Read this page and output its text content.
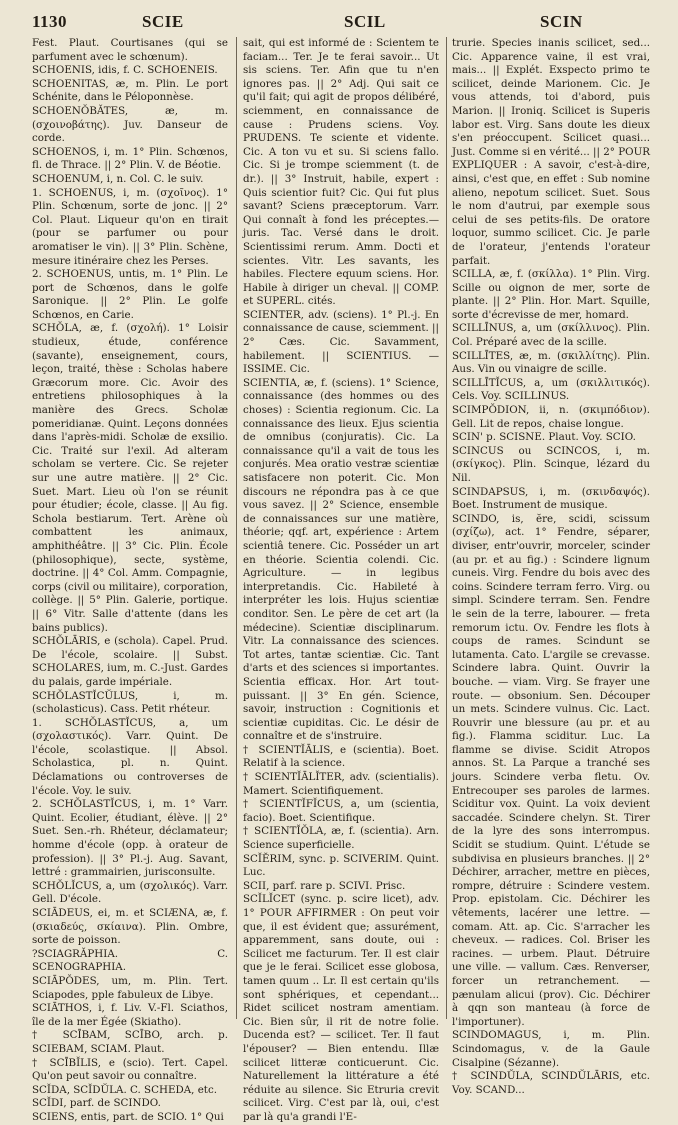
1130	SCIE	SCIL	SCIN

Fest. Plaut. Courtisanes (qui se parfument avec le schœnum).

SCHOENIS, idis, f. C. SCHOENEIS.

SCHOENITAS, æ, m. Plin. Le port Schénite, dans le Péloponnèse.

SCHOENŎBĂTES, æ, m. (σχοινοβάτης). Juv. Danseur de corde.

SCHOENOS, i, m. 1° Plin. Schœnos, fl. de Thrace. || 2° Plin. V. de Béotie.

SCHOENUM, i, n. Col. C. le suiv.

1. SCHOENUS, i, m. (σχοῖνος). 1° Plin. Schœnum, sorte de jonc. || 2° Col. Plaut. Liqueur qu'on en tirait (pour se parfumer ou pour aromatiser le vin). || 3° Plin. Schène, mesure itinéraire chez les Perses.

2. SCHOENUS, untis, m. 1° Plin. Le port de Schœnos, dans le golfe Saronique. || 2° Plin. Le golfe Schœnos, en Carie.

SCHŎLA, æ, f. (σχολή). 1° Loisir studieux, étude, conférence (savante), enseignement, cours, leçon, traité, thèse : Scholas habere Græcorum more. Cic. Avoir des entretiens philosophiques à la manière des Grecs. Scholæ pomeridianæ. Quint. Leçons données dans l'après-midi. Scholæ de exsilio. Cic. Traité sur l'exil. Ad alteram scholam se vertere. Cic. Se rejeter sur une autre matière. || 2° Cic. Suet. Mart. Lieu où l'on se réunit pour étudier; école, classe. || Au fig. Schola bestiarum. Tert. Arène où combattent les animaux, amphithéâtre. || 3° Cic. Plin. École (philosophique), secte, système, doctrine. || 4° Col. Amm. Compagnie, corps (civil ou militaire), corporation, collège. || 5° Plin. Galerie, portique. || 6° Vitr. Salle d'attente (dans les bains publics).

SCHŎLĀRIS, e (schola). Capel. Prud. De l'école, scolaire. || Subst. SCHOLARES, ium, m. C.-Just. Gardes du palais, garde impériale.

SCHŎLASTĬCŬLUS, i, m. (scholasticus). Cass. Petit rhéteur.

1. SCHŎLASTĬCUS, a, um (σχολαστικός). Varr. Quint. De l'école, scolastique. || Absol. Scholastica, pl. n. Quint. Déclamations ou controverses de l'école. Voy. le suiv.

2. SCHŎLASTĬCUS, i, m. 1° Varr. Quint. Ecolier, étudiant, élève. || 2° Suet. Sen.-rh. Rhéteur, déclamateur; homme d'école (opp. à orateur de profession). || 3° Pl.-j. Aug. Savant, lettré : grammairien, jurisconsulte.

SCHŎLĬCUS, a, um (σχολικός). Varr. Gell. D'école.

SCIĀDEUS, ei, m. et SCIÆNA, æ, f. (σκιαδεύς, σκίαινα). Plin. Ombre, sorte de poisson.

?SCIAGRĂPHIA. C. SCENOGRAPHIA.

SCIĀPŎDES, um, m. Plin. Tert. Sciapodes, pple fabuleux de Libye.

SCIĀTHOS, i, f. Liv. V.-Fl. Sciathos, île de la mer Égée (Skiatho).

† SCĪBAM, SCĪBO, arch. p. SCIEBAM, SCIAM. Plaut.

† SCĪBĬLIS, e (scio). Tert. Capel. Qu'on peut savoir ou connaître.

SCĬDA, SCĬDŬLA. C. SCHEDA, etc.

SCĬDI, parf. de SCINDO.

SCIENS, entis, part. de SCIO. 1° Qui

sait, qui est informé de : Scientem te faciam... Ter. Je te ferai savoir... Ut sis sciens. Ter. Afin que tu n'en ignores pas. || 2° Adj. Qui sait ce qu'il fait; qui agit de propos délibéré, sciemment, en connaissance de cause : Prudens sciens. Voy. PRUDENS. Te sciente et vidente. Cic. A ton vu et su. Si sciens fallo. Cic. Si je trompe sciemment (t. de dr.). || 3° Instruit, habile, expert : Quis scientior fuit? Cic. Qui fut plus savant? Sciens præceptorum. Varr. Qui connaît à fond les préceptes.— juris. Tac. Versé dans le droit. Scientissimi rerum. Amm. Docti et scientes. Vitr. Les savants, les habiles. Flectere equum sciens. Hor. Habile à diriger un cheval. || COMP. et SUPERL. cités.

SCIENTER, adv. (sciens). 1° Pl.-j. En connaissance de cause, sciemment. || 2° Cæs. Cic. Savamment, habilement. || SCIENTIUS. — ISSIME. Cic.

SCIENTIA, æ, f. (sciens). 1° Science, connaissance (des hommes ou des choses) : Scientia regionum. Cic. La connaissance des lieux. Ejus scientia de omnibus (conjuratis). Cic. La connaissance qu'il a vait de tous les conjurés. Mea oratio vestræ scientiæ satisfacere non poterit. Cic. Mon discours ne répondra pas à ce que vous savez. || 2° Science, ensemble de connaissances sur une matière, théorie; qqf. art, expérience : Artem scientiâ tenere. Cic. Posséder un art en théorie. Scientia colendi. Cic. Agriculture. — in legibus interpretandis. Cic. Habileté à interpréter les lois. Hujus scientiæ conditor. Sen. Le père de cet art (la médecine). Scientiæ disciplinarum. Vitr. La connaissance des sciences. Tot artes, tantæ scientiæ. Cic. Tant d'arts et des sciences si importantes. Scientia efficax. Hor. Art tout-puissant. || 3° En gén. Science, savoir, instruction : Cognitionis et scientiæ cupiditas. Cic. Le désir de connaître et de s'instruire.

† SCIENTĬĀLIS, e (scientia). Boet. Relatif à la science.

† SCIENTĬĀLĬTER, adv. (scientialis). Mamert. Scientifiquement.

† SCIENTĬFĬCUS, a, um (scientia, facio). Boet. Scientifique.

† SCIENTĬŎLA, æ, f. (scientia). Arn. Science superficielle.

SCĬĔRIM, sync. p. SCIVERIM. Quint. Luc.

SCII, parf. rare p. SCIVI. Prisc.

SCĬLĬCET (sync. p. scire licet), adv. 1° POUR AFFIRMER : On peut voir que, il est évident que; assurément, apparemment, sans doute, oui : Scilicet me facturum. Ter. Il est clair que je le ferai. Scilicet esse globosa, tamen quum .. Lr. Il est certain qu'ils sont sphériques, et cependant... Ridet scilicet nostram amentiam. Cic. Bien sûr, il rit de notre folie. Ducenda est? — scilicet. Ter. Il faut l'épouser? — Bien entendu. Illæ scilicet litteræ conticuerunt. Cic. Naturellement la littérature a été réduite au silence. Sic Etruria crevit scilicet. Virg. C'est par là, oui, c'est par là qu'a grandi l'E-

trurie. Species inanis scilicet, sed... Cic. Apparence vaine, il est vrai, mais... || Explét. Exspecto primo te scilicet, deinde Marionem. Cic. Je vous attends, toi d'abord, puis Marion. || Ironiq. Scilicet is Superis labor est. Virg. Sans doute les dieux s'en préoccupent. Scilicet quasi... Just. Comme si en vérité... || 2° POUR EXPLIQUER : A savoir, c'est-à-dire, ainsi, c'est que, en effet : Sub nomine alieno, nepotum scilicet. Suet. Sous le nom d'autrui, par exemple sous celui de ses petits-fils. De oratore loquor, summo scilicet. Cic. Je parle de l'orateur, j'entends l'orateur parfait.

SCILLA, æ, f. (σκίλλα). 1° Plin. Virg. Scille ou oignon de mer, sorte de plante. || 2° Plin. Hor. Mart. Squille, sorte d'écrevisse de mer, homard.

SCILLĪNUS, a, um (σκίλλινος). Plin. Col. Préparé avec de la scille.

SCILLĪTES, æ, m. (σκιλλίτης). Plin. Aus. Vin ou vinaigre de scille.

SCILLĪTĬCUS, a, um (σκιλλιτικός). Cels. Voy. SCILLINUS.

SCIMPŎDION, ii, n. (σκιμπόδιον). Gell. Lit de repos, chaise longue.

SCIN' p. SCISNE. Plaut. Voy. SCIO.

SCINCUS ou SCINCOS, i, m. (σκίγκος). Plin. Scinque, lézard du Nil.

SCINDAPSUS, i, m. (σκινδαψός). Boet. Instrument de musique.

SCINDO, is, ĕre, scidi, scissum (σχίζω), act. 1° Fendre, séparer, diviser, entr'ouvrir, morceler, scinder (au pr. et au fig.) : Scindere lignum cuneis. Virg. Fendre du bois avec des coins. Scindere terram ferro. Virg. ou simpl. Scindere terram. Sen. Fendre le sein de la terre, labourer. — freta remorum ictu. Ov. Fendre les flots à coups de rames. Scindunt se lutamenta. Cato. L'argile se crevasse. Scindere labra. Quint. Ouvrir la bouche. — viam. Virg. Se frayer une route. — obsonium. Sen. Découper un mets. Scindere vulnus. Cic. Lact. Rouvrir une blessure (au pr. et au fig.). Flamma sciditur. Luc. La flamme se divise. Scidit Atropos annos. St. La Parque a tranché ses jours. Scindere verba fletu. Ov. Entrecouper ses paroles de larmes. Sciditur vox. Quint. La voix devient saccadée. Scindere chelyn. St. Tirer de la lyre des sons interrompus. Scidit se studium. Quint. L'étude se subdivisa en plusieurs branches. || 2° Déchirer, arracher, mettre en pièces, rompre, détruire : Scindere vestem. Prop. epistolam. Cic. Déchirer les vêtements, lacérer une lettre. — comam. Att. ap. Cic. S'arracher les cheveux. — radices. Col. Briser les racines. — urbem. Plaut. Détruire une ville. — vallum. Cæs. Renverser, forcer un retranchement. — pænulam alicui (prov). Cic. Déchirer à qqn son manteau (à force de l'importuner).

SCINDOMAGUS, i, m. Plin. Scindomagus, v. de la Gaule Cisalpine (Sézanne).

† SCINDŬLA, SCINDŬLĀRIS, etc. Voy. SCAND...
